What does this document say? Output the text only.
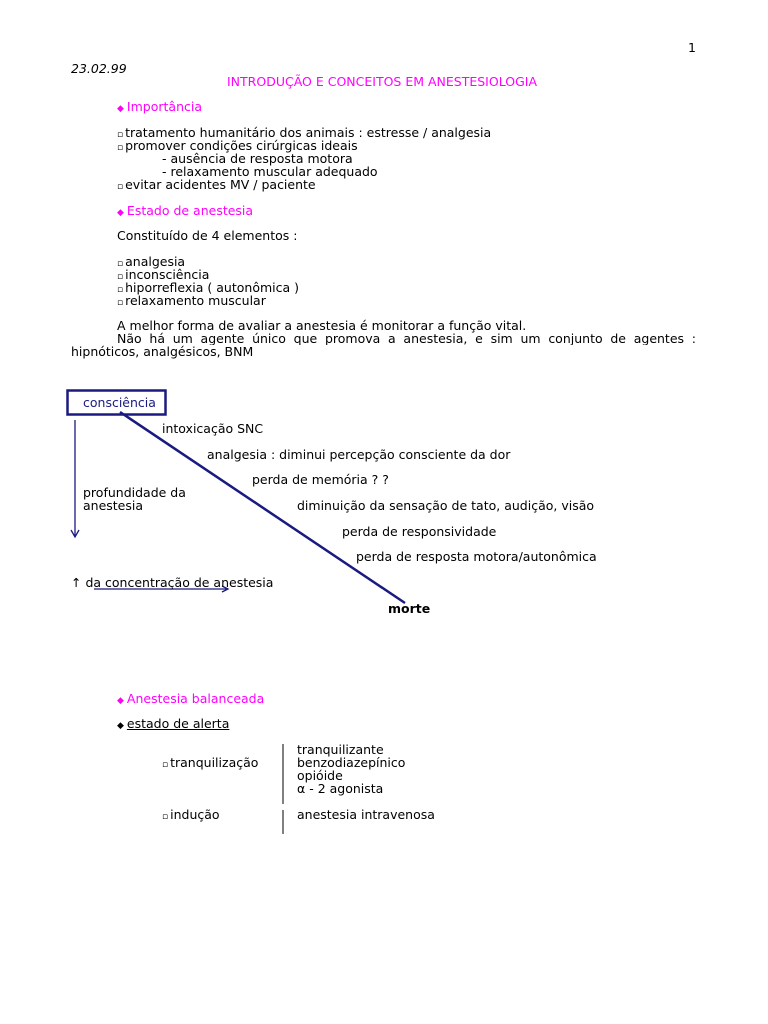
1
23.02.99
INTRODUÇÃO E CONCEITOS EM ANESTESIOLOGIA
◆ Importância
▫ tratamento humanitário dos animais : estresse / analgesia
▫ promover condições cirúrgicas ideais
- ausência de resposta motora
- relaxamento muscular adequado
▫ evitar acidentes MV / paciente
◆ Estado de anestesia
Constituído de 4 elementos :
▫ analgesia
▫ inconsciência
▫ hiporreflexia ( autonômica )
▫ relaxamento muscular
A melhor forma de avaliar a anestesia é monitorar a função vital.
Não há um agente único que promova a anestesia, e sim um conjunto de agentes :
hipnóticos, analgésicos, BNM
consciência
intoxicação SNC
analgesia : diminui percepção consciente da dor
perda de memória ? ?
profundidade da
anestesia	diminuição da sensação de tato, audição, visão
perda de responsividade
perda de resposta motora/autonômica
↑ da concentração de anestesia
morte
◆ Anestesia balanceada
◆ estado de alerta
▫ tranquilização
tranquilizante
benzodiazepínico
opióide
α - 2 agonista
▫ indução	anestesia intravenosa
